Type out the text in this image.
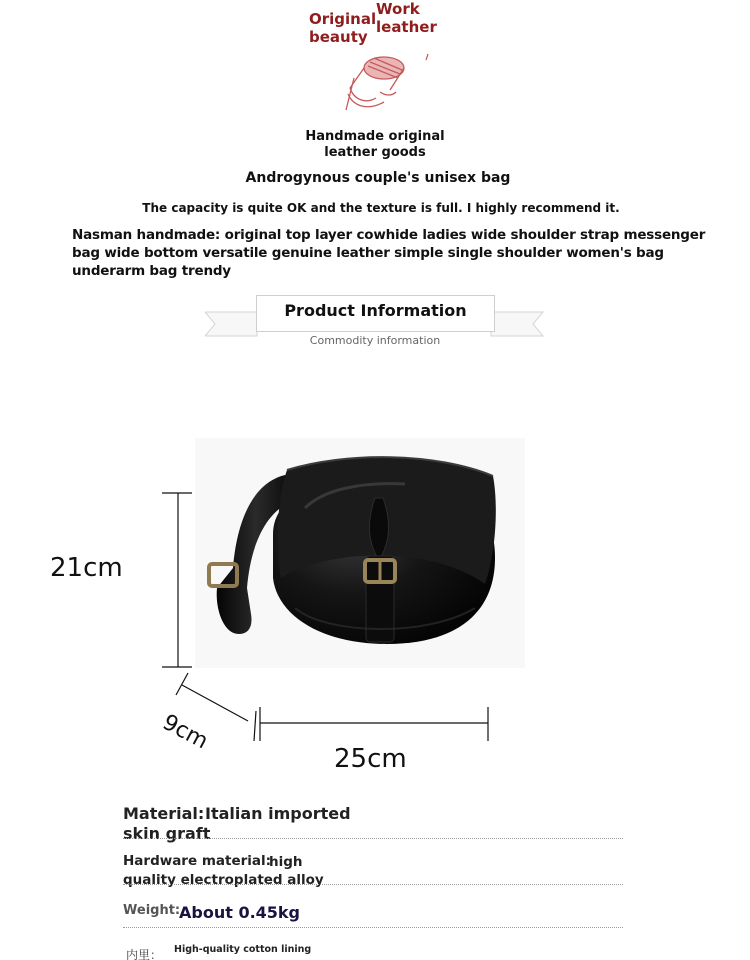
Original
beauty
Work
leather
Handmade original
leather goods
Androgynous couple's unisex bag
The capacity is quite OK and the texture is full. I highly recommend it.
Nasman handmade: original top layer cowhide ladies wide shoulder strap messenger bag wide bottom versatile genuine leather simple single shoulder women's bag underarm bag trendy
Product Information
Commodity information
21cm
9cm
25cm
Material: Italian imported skin graft
Hardware material:
high quality electroplated alloy
Weight:
About 0.45kg
内里： High-quality cotton lining
